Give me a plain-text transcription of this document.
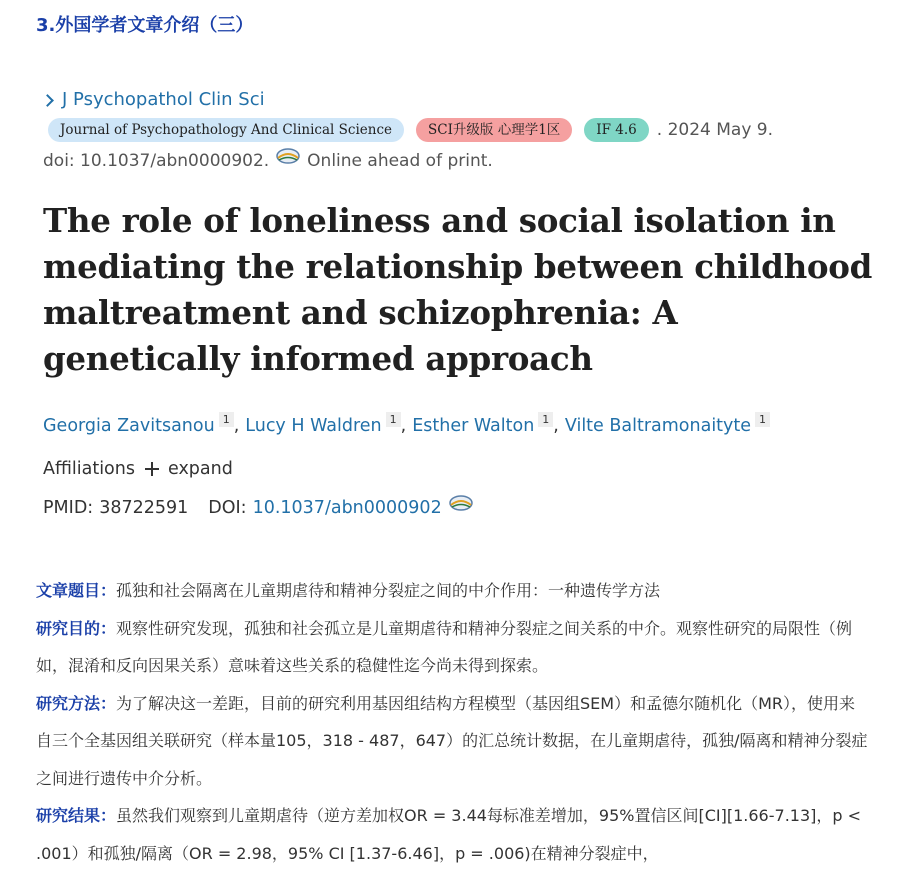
3.外国学者文章介绍（三）
J Psychopathol Clin Sci
Journal of Psychopathology And Clinical Science	SCI升级版 心理学1区	IF 4.6	. 2024 May 9.
doi: 10.1037/abn0000902. Online ahead of print.
The role of loneliness and social isolation in mediating the relationship between childhood maltreatment and schizophrenia: A genetically informed approach
Georgia Zavitsanou $^1$ , Lucy H Waldren $^1$ , Esther Walton $^1$ , Vilte Baltramonaityte $^1$
Affiliations expand
PMID: 38722591 DOI: 10.1037/abn0000902

文章题目：孤独和社会隔离在儿童期虐待和精神分裂症之间的中介作用：一种遗传学方法

研究目的：观察性研究发现，孤独和社会孤立是儿童期虐待和精神分裂症之间关系的中介。观察性研究的局限性（例如，混淆和反向因果关系）意味着这些关系的稳健性迄今尚未得到探索。

研究方法：为了解决这一差距，目前的研究利用基因组结构方程模型（基因组SEM）和孟德尔随机化（MR），使用来自三个全基因组关联研究（样本量105，318 - 487，647）的汇总统计数据，在儿童期虐待，孤独/隔离和精神分裂症之间进行遗传中介分析。

研究结果：虽然我们观察到儿童期虐待（逆方差加权OR = 3.44每标准差增加，95%置信区间[CI][1.66-7.13]，p < .001）和孤独/隔离（OR = 2.98，95% CI [1.37-6.46]，p = .006)在精神分裂症中，
